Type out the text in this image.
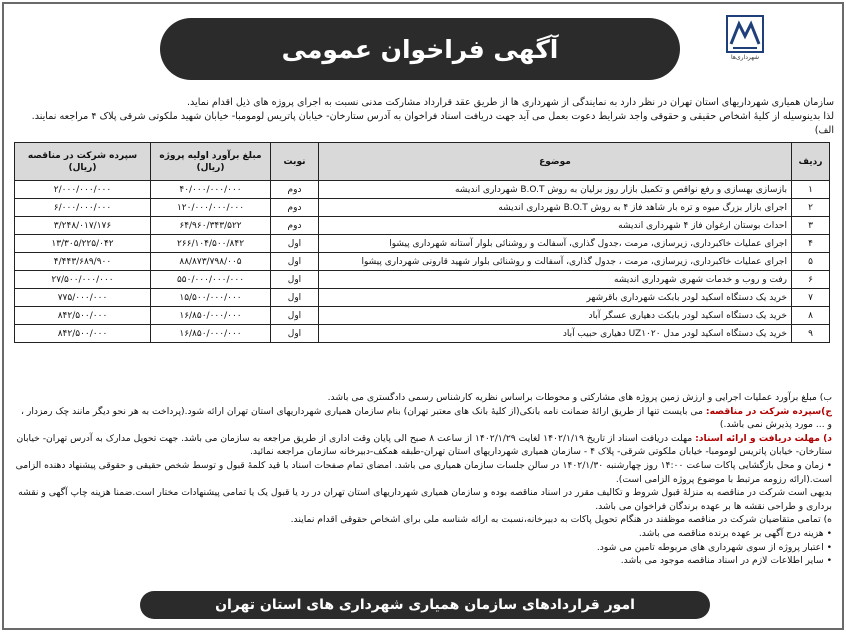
آگهی فراخوان عمومی	شهرداری‌ها
سازمان همیاری شهرداریهای استان تهران در نظر دارد به نمایندگی از شهرداری ها از طریق عقد قرارداد مشارکت مدنی نسبت به اجرای پروژه های ذیل اقدام نماید.
لذا بدینوسیله از کلیهٔ اشخاص حقیقی و حقوقی واجد شرایط دعوت بعمل می آید جهت دریافت اسناد فراخوان به آدرس ستارخان- خیابان پاتریس لومومبا- خیابان شهید ملکوتی شرقی پلاک ۴ مراجعه نمایند.
الف)
ردیف	موضوع	نوبت	مبلغ برآورد اولیه پروژه (ریال)	سپرده شرکت در مناقصه (ریال)
۱	بازسازی بهسازی و رفع نواقص و تکمیل بازار روز برلیان به روش B.O.T شهرداری اندیشه	دوم	۴۰/۰۰۰/۰۰۰/۰۰۰	۲/۰۰۰/۰۰۰/۰۰۰
۲	اجرای بازار بزرگ میوه و تره بار شاهد فاز ۴ به روش B.O.T شهرداری اندیشه	دوم	۱۲۰/۰۰۰/۰۰۰/۰۰۰	۶/۰۰۰/۰۰۰/۰۰۰
۳	احداث بوستان ارغوان فاز ۴ شهرداری اندیشه	دوم	۶۴/۹۶۰/۳۴۳/۵۲۲	۳/۲۴۸/۰۱۷/۱۷۶
۴	اجرای عملیات خاکبرداری، زیرسازی، مرمت ،جدول گذاری، آسفالت و روشنائی بلوار آستانه شهرداری پیشوا	اول	۲۶۶/۱۰۴/۵۰۰/۸۴۲	۱۳/۳۰۵/۲۲۵/۰۴۲
۵	اجرای عملیات خاکبرداری، زیرسازی، مرمت ، جدول گذاری، آسفالت و روشنائی بلوار شهید قارونی شهرداری پیشوا	اول	۸۸/۸۷۳/۷۹۸/۰۰۵	۴/۴۴۳/۶۸۹/۹۰۰
۶	رفت و روب و خدمات شهری شهرداری اندیشه	اول	۵۵۰/۰۰۰/۰۰۰/۰۰۰	۲۷/۵۰۰/۰۰۰/۰۰۰
۷	خرید یک دستگاه اسکید لودر بابکت شهرداری باقرشهر	اول	۱۵/۵۰۰/۰۰۰/۰۰۰	۷۷۵/۰۰۰/۰۰۰
۸	خرید یک دستگاه اسکید لودر بابکت دهیاری عسگر آباد	اول	۱۶/۸۵۰/۰۰۰/۰۰۰	۸۴۲/۵۰۰/۰۰۰
۹	خرید یک دستگاه اسکید لودر مدل UZ۱۰۲۰ دهیاری حبیب آباد	اول	۱۶/۸۵۰/۰۰۰/۰۰۰	۸۴۲/۵۰۰/۰۰۰
ب) مبلغ برآورد عملیات اجرایی و ارزش زمین پروژه های مشارکتی و محوطات براساس نظریه کارشناس رسمی دادگستری می باشد.
ج)سپرده شرکت در مناقصه: می بایست تنها از طریق ارائهٔ ضمانت نامه بانکی(از کلیهٔ بانک های معتبر تهران) بنام سازمان همیاری شهرداریهای استان تهران ارائه شود.(پرداخت به هر نحو دیگر مانند چک رمزدار ، و ... مورد پذیرش نمی باشد.)
د) مهلت دریافت و ارائه اسناد: مهلت دریافت اسناد از تاریخ ۱۴۰۲/۱/۱۹ لغایت ۱۴۰۲/۱/۲۹ از ساعت ۸ صبح الی پایان وقت اداری از طریق مراجعه به سازمان می باشد. جهت تحویل مدارک به آدرس تهران- خیابان ستارخان- خیابان پاتریس لومومبا- خیابان ملکوتی شرقی- پلاک ۴ - سازمان همیاری شهرداریهای استان تهران-طبقه همکف-دبیرخانه سازمان مراجعه نمائید.
• زمان و محل بازگشایی پاکات ساعت ۱۴:۰۰ روز چهارشنبه ۱۴۰۲/۱/۳۰ در سالن جلسات سازمان همیاری می باشد. امضای تمام صفحات اسناد با قید کلمهٔ قبول و توسط شخص حقیقی و حقوقی پیشنهاد دهنده الزامی است.(ارائه رزومه مرتبط با موضوع پروژه الزامی است).
بدیهی است شرکت در مناقصه به منزلهٔ قبول شروط و تکالیف مقرر در اسناد مناقصه بوده و سازمان همیاری شهرداریهای استان تهران در رد یا قبول یک یا تمامی پیشنهادات مختار است.ضمنا هزینه چاپ آگهی و نقشه برداری و طراحی نقشه ها بر عهده برندگان فراخوان می باشد.
ه) تمامی متقاضیان شرکت در مناقصه موظفند در هنگام تحویل پاکات به دبیرخانه،نسبت به ارائه شناسه ملی برای اشخاص حقوقی اقدام نمایند.
• هزینه درج آگهی بر عهده برنده مناقصه می باشد.
• اعتبار پروژه از سوی شهرداری های مربوطه تامین می شود.
• سایر اطلاعات لازم در اسناد مناقصه موجود می باشد.
امور قراردادهای سازمان همیاری شهرداری های استان تهران
